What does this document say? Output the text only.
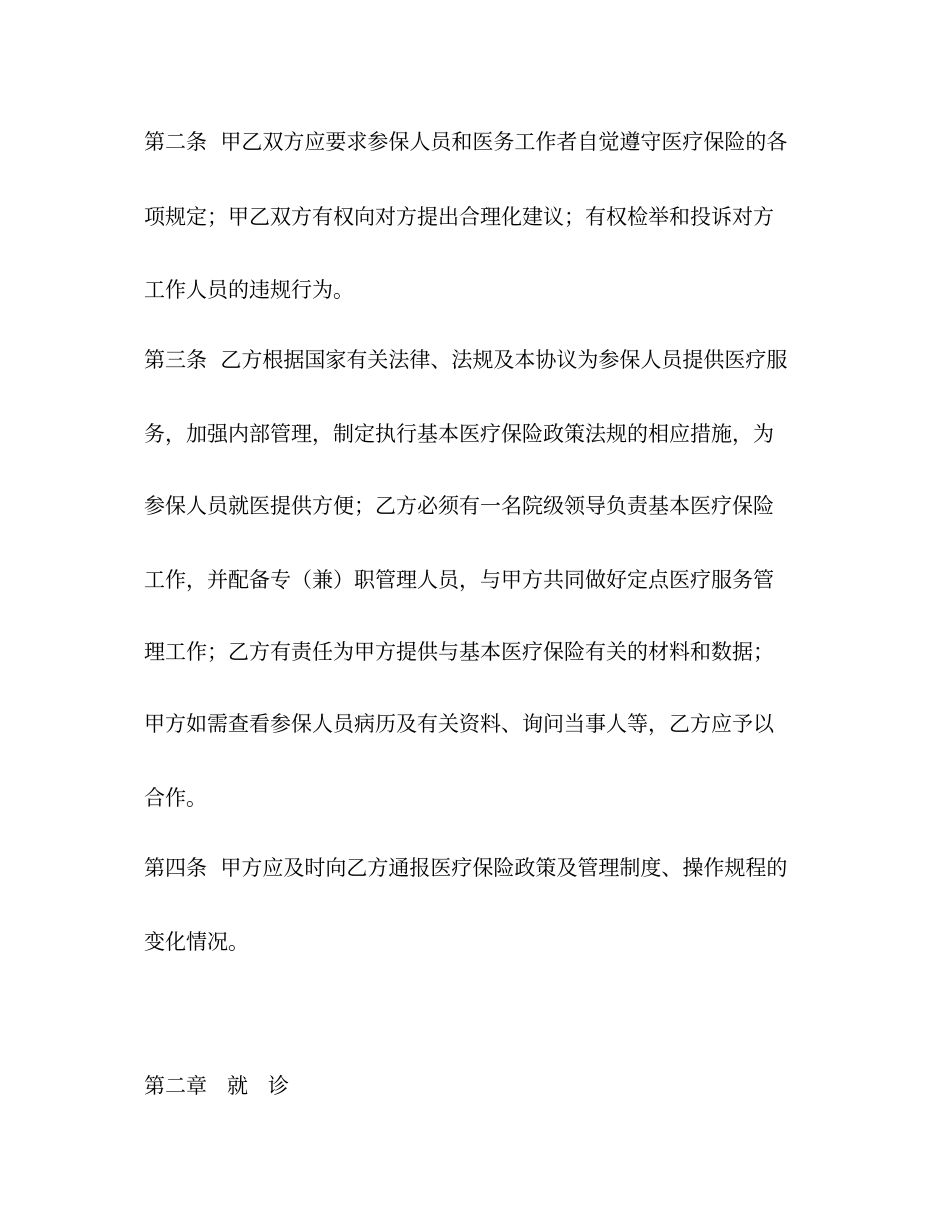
第二条  甲乙双方应要求参保人员和医务工作者自觉遵守医疗保险的各
项规定；甲乙双方有权向对方提出合理化建议；有权检举和投诉对方
工作人员的违规行为。
第三条  乙方根据国家有关法律、法规及本协议为参保人员提供医疗服
务，加强内部管理，制定执行基本医疗保险政策法规的相应措施，为
参保人员就医提供方便；乙方必须有一名院级领导负责基本医疗保险
工作，并配备专（兼）职管理人员，与甲方共同做好定点医疗服务管
理工作；乙方有责任为甲方提供与基本医疗保险有关的材料和数据；
甲方如需查看参保人员病历及有关资料、询问当事人等，乙方应予以
合作。
第四条  甲方应及时向乙方通报医疗保险政策及管理制度、操作规程的
变化情况。
第二章   就   诊
